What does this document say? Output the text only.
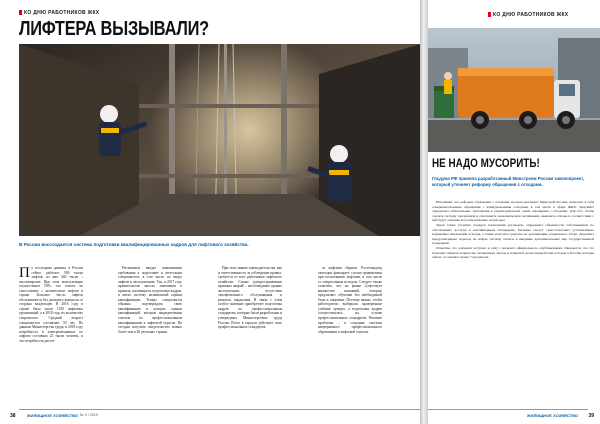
КО ДНЮ РАБОТНИКОВ ЖКХ
ЛИФТЕРА ВЫЗЫВАЛИ?
В России воссоздается система подготовки квалифицированных кадров для лифтового хозяйства.

По последним данным, в России сейчас работает 500 тысяч лифтов, из них 440 тысяч – пассажирские. При этом эксплуатацию осуществляет 50%, что совсем не сопоставимо с количеством лифтов в стране. Большое число лифтов обслуживается без должного контроля со стороны владельцев. В 2016 году в стране было около 1100 лифтовых организаций, а в 2018 году их количество сократилось. Средний возраст специалистов составляет 50 лет. По данным Министерства труда, в 2018 году потребность в электромеханиках по лифтам составила 25 тысяч человек, и эта потребность растет.

Регламенты вводят повышенные требования к подготовке и аттестации специалистов, в том числе по вводу лифтов в эксплуатацию. Так, в 2017 году правительство внесло изменения в правила, касающиеся подготовки кадров, и ввело систему независимой оценки квалификации. Теперь специалисты обязаны подтверждать свою квалификацию в центрах оценки квалификаций, которые аккредитованы советом по профессиональным квалификациям в лифтовой отрасли. На сегодня получить свидетельство можно более чем в 20 регионах страны.

При этом знание законодательства, как и ответственность за соблюдение правил, требуется от всех работников лифтового хозяйства. Самые распространенные причины аварий – несоблюдение правил эксплуатации, отсутствие своевременного обслуживания и ремонта, вандализм. В связи с этим особое значение приобретает подготовка кадров по профессиональным стандартам, которые были разработаны и утверждены Министерством труда России. Всего в отрасли действует пять профессиональных стандартов.

за лифтами обратно. Ростехнадзор ежегодно фиксирует случаи травматизма при пользовании лифтами, в том числе со смертельным исходом. Следует также отметить, что на рынке существует множество компаний, которые предлагают обучение без необходимой базы и лицензии. Поэтому важно, чтобы работодатели выбирали проверенные учебные центры, а подготовка кадров осуществлялась на основе профессиональных стандартов. Решение проблемы – в создании системы непрерывного профессионального образования в лифтовой отрасли.

38	ЖИЛИЩНОЕ ХОЗЯЙСТВО № 3 / 2019
КО ДНЮ РАБОТНИКОВ ЖКХ
НЕ НАДО МУСОРИТЬ!
Госдума РФ приняла разработанный Минстроем России законопроект, который уточняет реформу обращения с отходами.

Напомним, что реформа обращения с отходами, которая реализует Минстрой России, включает в себя совершенствование обращения с коммунальными отходами, в том числе в сфере ЖКХ. Документ определяет обязательные требования к территориальной схеме обращения с отходами. Для того чтобы сделать систему прозрачной и обеспечить экономическую мотивацию, вывозить отходы в соответствии с ней будут обязаны все региональные операторы.

Закон также уточняет порядок заключения договоров, определяет обязанности собственников по обеспечению доступа к контейнерным площадкам. Регионы смогут самостоятельно устанавливать нормативы накопления отходов, а также получать средства на организацию раздельного сбора. Документ предусматривает переход на новую систему оплаты и введение дополнительных мер государственной поддержки.

Отметим, что документ вступает в силу с момента официального опубликования. Ожидается, что это позволит снизить количество незаконных свалок и повысить долю переработки отходов в России, которая сейчас составляет менее 7 процентов.

ЖИЛИЩНОЕ ХОЗЯЙСТВО 39
